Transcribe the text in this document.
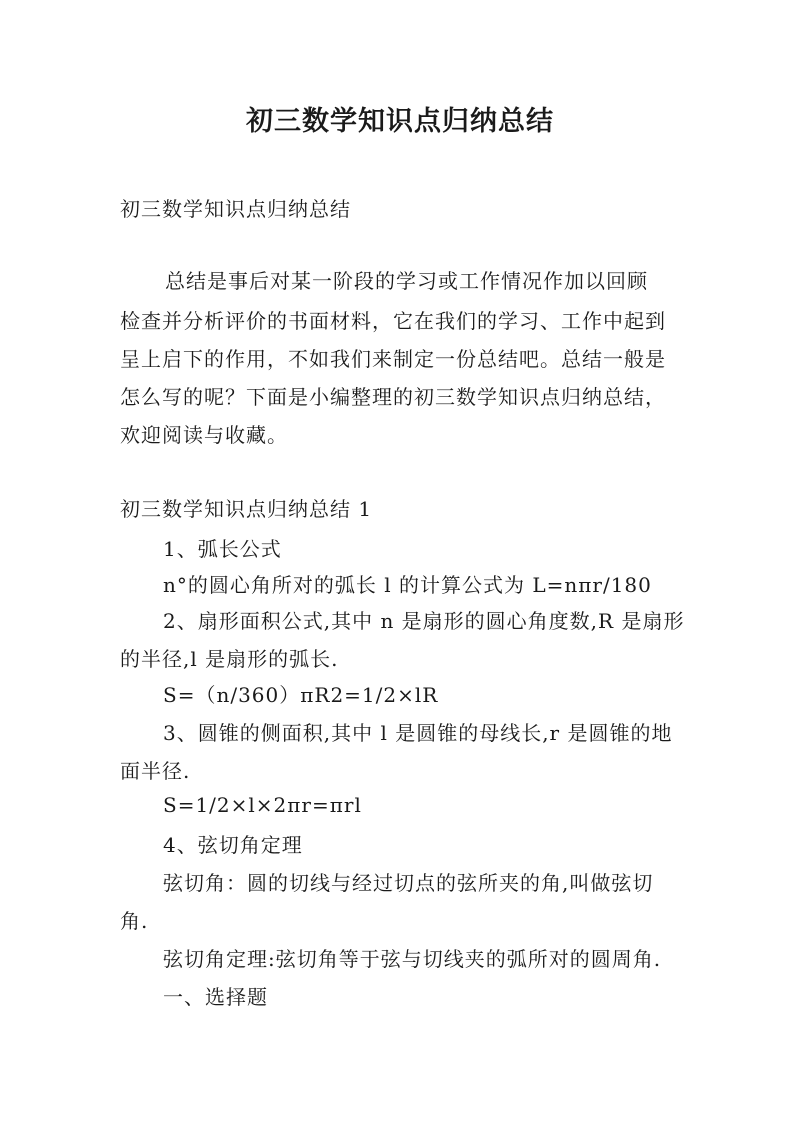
初三数学知识点归纳总结
初三数学知识点归纳总结
总结是事后对某一阶段的学习或工作情况作加以回顾
检查并分析评价的书面材料，它在我们的学习、工作中起到
呈上启下的作用，不如我们来制定一份总结吧。总结一般是
怎么写的呢？下面是小编整理的初三数学知识点归纳总结，
欢迎阅读与收藏。
初三数学知识点归纳总结 1
1、弧长公式
n°的圆心角所对的弧长 l 的计算公式为 L=nπr/180
2、扇形面积公式,其中 n 是扇形的圆心角度数,R 是扇形
的半径,l 是扇形的弧长.
S=（n/360）πR2=1/2×lR
3、圆锥的侧面积,其中 l 是圆锥的母线长,r 是圆锥的地
面半径.
S=1/2×l×2πr=πrl
4、弦切角定理
弦切角：圆的切线与经过切点的弦所夹的角,叫做弦切
角.
弦切角定理:弦切角等于弦与切线夹的弧所对的圆周角.
一、选择题
